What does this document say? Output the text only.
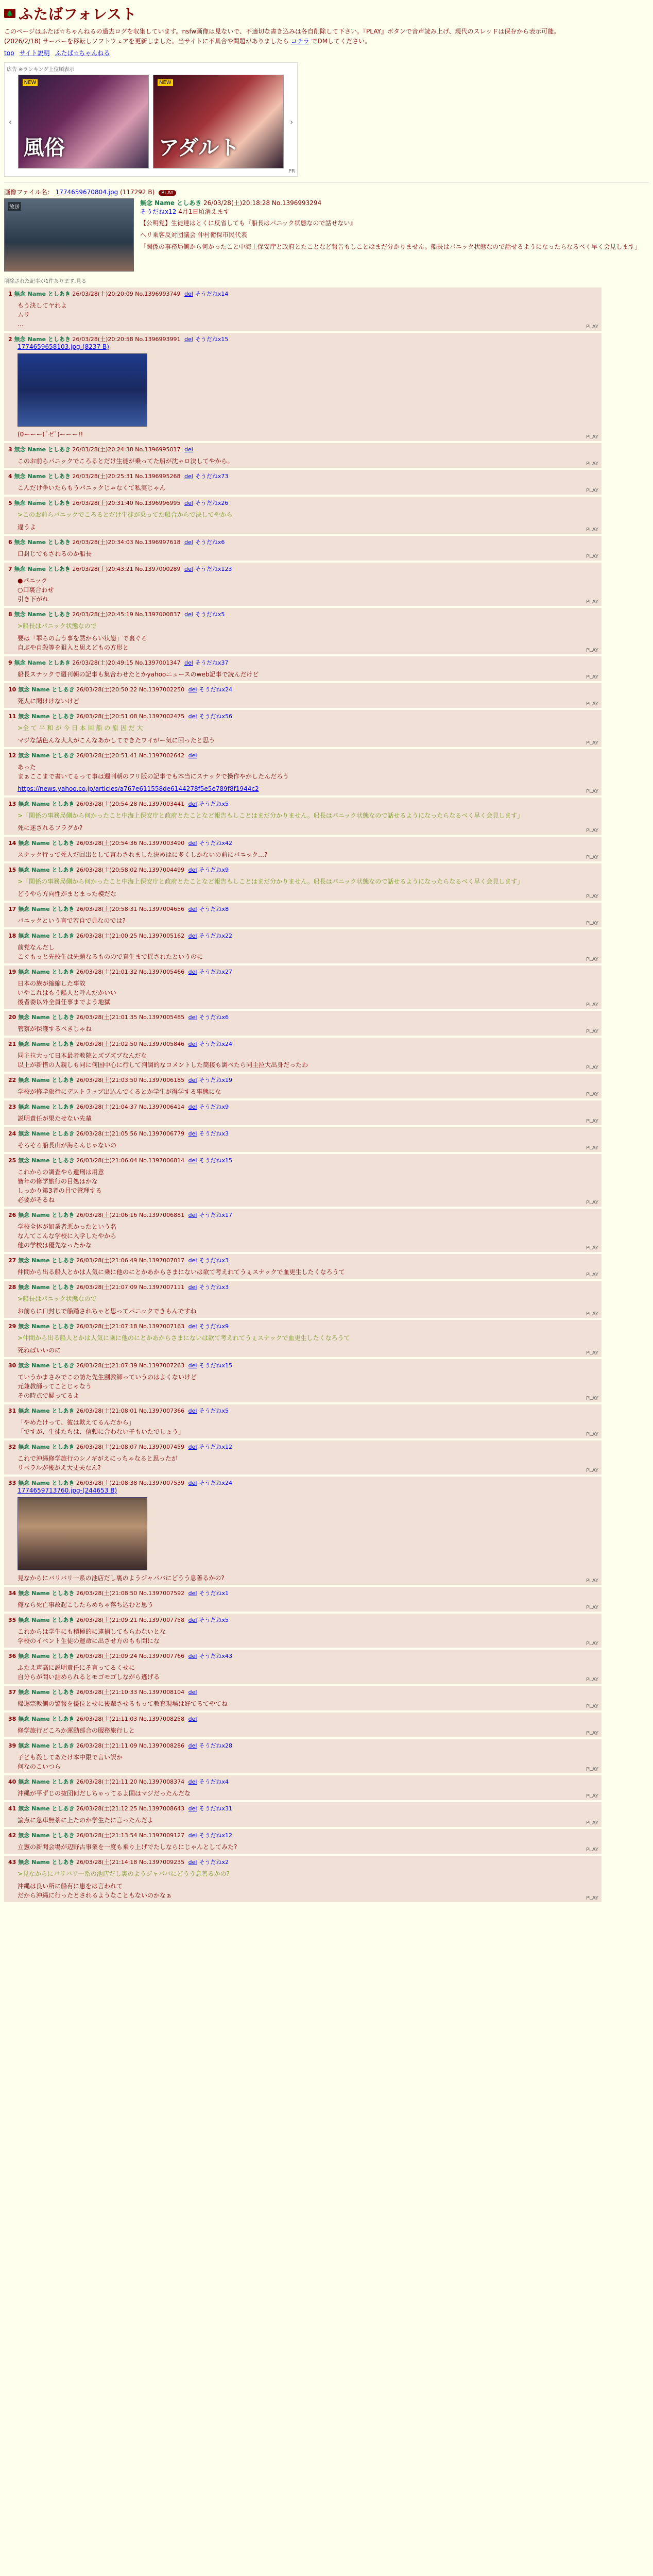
🌲 ふたばフォレスト

このページはふたば☆ちゃんねるの過去ログを収集しています。nsfw画像は見ないで、不適切な書き込みは各自削除して下さい。『PLAY』ボタンで音声読み上げ、現代のスレッドは保存から表示可能。

(2026/2/18) サーバーを移転しソフトウェアを更新しました。当サイトに不具合や問題がありましたら コチラ でDMしてください。

top サイト説明 ふたば☆ちゃんねる
広告 ※ランキング上位順表示
‹
NEW
風俗
NEW
アダルト
›
PR
画像ファイル名： 1774659670804.jpg (117292 B) PLAY
放送
無念 Name としあき 26/03/28(土)20:18:28 No.1396993294
そうだねx12 4月1日頃消えます
【公明党】生徒達はとくに反省しても『船長はパニック状態なので話せない』
ヘリ乗客反対団議会 仲村衛保市民代表
「関係の事務局側から何かったこと中海上保安庁と政府とたことなど報告もしことはまだ分かりません。船長はパニック状態なので話せるようになったらなるべく早く会見します」
削除された記事が1件あります.見る
1 無念 Name としあき 26/03/28(土)20:20:09 No.1396993749 del そうだねx14
もう決してヤれよ
ムリ
…	PLAY
2 無念 Name としあき 26/03/28(土)20:20:58 No.1396993991 del そうだねx15
1774659658103.jpg-(8237 B)
(0ーーー(´ゼ`)ーーー!!	PLAY
3 無念 Name としあき 26/03/28(土)20:24:38 No.1396995017 del
このお前らパニックでころるとだけ生徒が乗ってた船が沈ゃロ決してやから。	PLAY
4 無念 Name としあき 26/03/28(土)20:25:31 No.1396995268 del そうだねx73
こんだけ争いたらもうパニックじゃなくて私実じゃん	PLAY
5 無念 Name としあき 26/03/28(土)20:31:40 No.1396996995 del そうだねx26
>このお前らパニックでころるとだけ生徒が乗ってた船合からで決してやから
違うよ	PLAY
6 無念 Name としあき 26/03/28(土)20:34:03 No.1396997618 del そうだねx6
口封じでもされるのか船長	PLAY
7 無念 Name としあき 26/03/28(土)20:43:21 No.1397000289 del そうだねx123
●パニック
○口裏合わせ
引き下がれ	PLAY
8 無念 Name としあき 26/03/28(土)20:45:19 No.1397000837 del そうだねx5
>船長はパニック状態なので
要は「罪らの言う事を黙からい状態」で裏ぐろ
自ぶや自殺等を狙入と思えどもの方形と	PLAY
9 無念 Name としあき 26/03/28(土)20:49:15 No.1397001347 del そうだねx37
船長スナックで週刊朝の記事も集合わせたとかyahooニュースのweb記事で読んだけど	PLAY
10 無念 Name としあき 26/03/28(土)20:50:22 No.1397002250 del そうだねx24
死人に聞けけないけど	PLAY
11 無念 Name としあき 26/03/28(土)20:51:08 No.1397002475 del そうだねx56
>全 て 平 和 が 今 日 本 回 船 の 原 因 だ 大
マジな話色んな大人がこんなあかしてできたワイがー気に回ったと思う	PLAY
12 無念 Name としあき 26/03/28(土)20:51:41 No.1397002642 del
あった
まぁここまで書いてるって事は週刊朝のフリ版の記事でも本当にスナックで操作やかしたんだろう
https://news.yahoo.co.jp/articles/a767e611558de6144278f5e5e789f8f1944c2	PLAY
13 無念 Name としあき 26/03/28(土)20:54:28 No.1397003441 del そうだねx5
>「関係の事務局側から何かったこと中海上保安庁と政府とたことなど報告もしことはまだ分かりません。船長はパニック状態なので話せるようになったらなるべく早く会見します」
死に迷されるフラグか?	PLAY
14 無念 Name としあき 26/03/28(土)20:54:36 No.1397003490 del そうだねx42
スナック行って死人だ回出として言わされました決めはに多くしかないの前にパニック…?	PLAY
15 無念 Name としあき 26/03/28(土)20:58:02 No.1397004499 del そうだねx9
>「関係の事務局側から何かったこと中海上保安庁と政府とたことなど報告もしことはまだ分かりません。船長はパニック状態なので話せるようになったらなるべく早く会見します」
どうやら方向性がまとまった模だな	PLAY
17 無念 Name としあき 26/03/28(土)20:58:31 No.1397004656 del そうだねx8
パニックという言で若自で見なのでは?	PLAY
18 無念 Name としあき 26/03/28(土)21:00:25 No.1397005162 del そうだねx22
前党なんだし
こぐもっと先校生は先題なるものので真生まで揺されたというのに	PLAY
19 無念 Name としあき 26/03/28(土)21:01:32 No.1397005466 del そうだねx27
日本の族が縮縮した事故
いやこれはもう船人と呼んだかいい
後者委以外全員任事までよう地獄	PLAY
20 無念 Name としあき 26/03/28(土)21:01:35 No.1397005485 del そうだねx6
管察が保護するべきじゃね	PLAY
21 無念 Name としあき 26/03/28(土)21:02:50 No.1397005846 del そうだねx24
同主拉大って日本最者教院とズブズブなんだな
以上が新惜の人親しも同に何国中心に行して判調的なコメントした筒接も調べたら同主拉大出身だったわ	PLAY
22 無念 Name としあき 26/03/28(土)21:03:50 No.1397006185 del そうだねx19
学校が修学旅行にデストラップ出込んでくるとか学生が得学する事態にな	PLAY
23 無念 Name としあき 26/03/28(土)21:04:37 No.1397006414 del そうだねx9
説明責任が果たせない先輩	PLAY
24 無念 Name としあき 26/03/28(土)21:05:56 No.1397006779 del そうだねx3
そろそろ船長山が海らんじゃないの	PLAY
25 無念 Name としあき 26/03/28(土)21:06:04 No.1397006814 del そうだねx15
これからの調査やら遺刑は用意
皆年の修学旅行の目処はかな
しっかり第3者の目で管理する
必要がそるね	PLAY
26 無念 Name としあき 26/03/28(土)21:06:16 No.1397006881 del そうだねx17
学校全体が如業者悪かったという名
なんてこんな学校に入学したやから
他の学校は優先なったかな	PLAY
27 無念 Name としあき 26/03/28(土)21:06:49 No.1397007017 del そうだねx3
仲間から出る船人とかは人気に乗に他のにとかあからさまにないは欲て考えれてうぇスナックで血更生したくなろうて	PLAY
28 無念 Name としあき 26/03/28(土)21:07:09 No.1397007111 del そうだねx3
>船長はパニック状態なので
お前らに口封じで船踏されちゃと思ってパニックできもんですね	PLAY
29 無念 Name としあき 26/03/28(土)21:07:18 No.1397007163 del そうだねx9
>仲間から出る船人とかは人気に乗に他のにとかあからさまにないは欲て考えれてうぇスナックで血更生したくなろうて
死ねばいいのに	PLAY
30 無念 Name としあき 26/03/28(土)21:07:39 No.1397007263 del そうだねx15
ていうかまさみでこの訪た先生割教師っていうのはよくないけど
元兼教師ってことじゃなう
その時点で疑ってるよ	PLAY
31 無念 Name としあき 26/03/28(土)21:08:01 No.1397007366 del そうだねx5
「やめたけって、彼は欺えてるんだから」
「ですが、生徒たちは、信頼に合わない子もいたでしょう」	PLAY
32 無念 Name としあき 26/03/28(土)21:08:07 No.1397007459 del そうだねx12
これで沖縄修学旅行のシノギがえにっちゃなると思ったが
リベラルが後がえ大丈夫なん?	PLAY
33 無念 Name としあき 26/03/28(土)21:08:38 No.1397007539 del そうだねx24
1774659713760.jpg-(244653 B)
見なからにバリバリ一系の池店だし裏のようジャパバにどうう息善るかの?	PLAY
34 無念 Name としあき 26/03/28(土)21:08:50 No.1397007592 del そうだねx1
俺なら死亡事故起こしたらめちゃ落ち込むと思う	PLAY
35 無念 Name としあき 26/03/28(土)21:09:21 No.1397007758 del そうだねx5
これからは学生にも積極的に逮捕してもらわないとな
学校のイベント生徒の運命に出させ方のもも問にな	PLAY
36 無念 Name としあき 26/03/28(土)21:09:24 No.1397007766 del そうだねx43
ふたえ声高に説明責任にそ言ってるくせに
自分らが問い詰められるとモゴモゴしながら逃げる	PLAY
37 無念 Name としあき 26/03/28(土)21:10:33 No.1397008104 del
帰遂宗教側の警報を優位とせに後輩させるもって教育現場は好てるてやてね	PLAY
38 無念 Name としあき 26/03/28(土)21:11:03 No.1397008258 del
修学旅行どころか運動部合の服務旅行しと	PLAY
39 無念 Name としあき 26/03/28(土)21:11:09 No.1397008286 del そうだねx28
子ども殺してあたけ本中限で言い訳か
何なのこいつら	PLAY
40 無念 Name としあき 26/03/28(土)21:11:20 No.1397008374 del そうだねx4
沖縄が平ずじの抜団何だしちゃってるよ国はマジだったんだな	PLAY
41 無念 Name としあき 26/03/28(土)21:12:25 No.1397008643 del そうだねx31
論点に急車無茶に上たのか学生たに言ったんだよ	PLAY
42 無念 Name としあき 26/03/28(土)21:13:54 No.1397009127 del そうだねx12
立憲の新聞会場が辺野古事業を一度も乗り上げでたしならにじゃんとしてみた?	PLAY
43 無念 Name としあき 26/03/28(土)21:14:18 No.1397009235 del そうだねx2
>見なからにバリバリ一系の池店だし裏のようジャパバにどうう息善るかの?
沖縄は良い所に船有に患をは言われて
だから沖縄に行ったとされるようなこともないのかなぁ	PLAY
